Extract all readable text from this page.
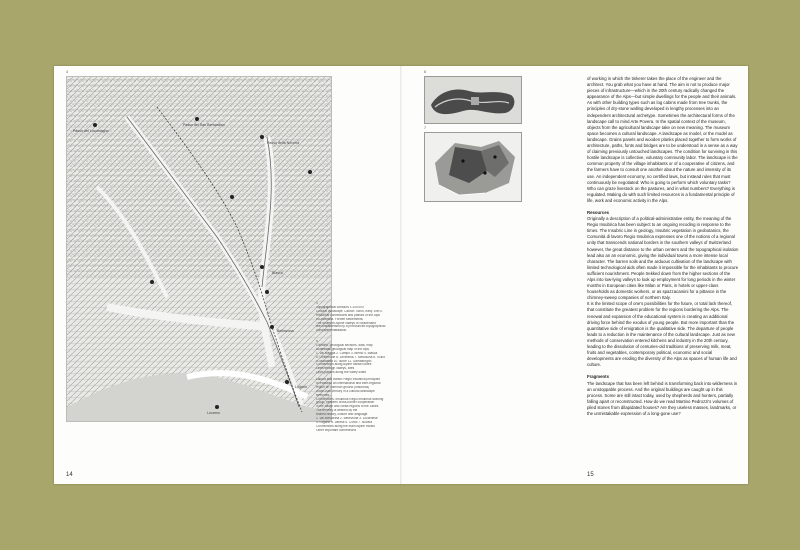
4
Passo del Lucomagno
Passo del San Bernardino
Passo della Novena
Biasca
Bellinzona
Locarno
Lugano
4
Topographical contours 1:100'000
Cultural landscape; Canton Ticino, early 19th c.
Historical connections and passes of the Alps
in Leventina. Former settlements;
The southern Alpine valleys of Switzerland
are characterised by a pronounced topographical
compartmentalisation.
5
Cantons, geological sections, data, map
Schematic geological map of the Alps
1. Val Maggia 2. Campo 3. Blenio 4. Biasca
5. Onsernone 6. Leventina 7. Mesolcina 8. Ticino
9. Morobbia 10. Isone 11. Gambarogno
Connections along Alpine transit routes
Lines through valleys, sites
Lines passes along the valley sides
Labour and transit: Regio Insubrica principles
to establish an international and inter-regional
region on common ground (Insubrica)
in the 20th century in a cultural landscape
stretched.
Connections: Insubrica Regio Insubrica working
group, between cross-border cooperation
in the Italian and Swiss regions of the Lakes.
The territory is defined by the
shared history, culture and language.
1. Val Mesolcina 2. Bellinzona 3. Locarnese
4. Lugano 5. Varese 6. Como 7. Novara
Connections along the main Alpine transit
Other important connections
14
6
7

of working in which the tinkerer takes the place of the engineer and the architect. You grab what you have at hand. The aim is not to produce major pieces of infrastructure—which in the 20th century radically changed the appearance of the Alps—but simple dwellings for the people and their animals. As with other building types such as log cabins made from tree trunks, the principles of dry-stone walling developed in lengthy processes into an independent architectural archetype. Sometimes the architectural forms of the landscape call to mind Arte Povera. In the spatial context of the museum, objects from the agricultural landscape take on new meaning. The museum space becomes a cultural landscape. A landscape as model, or the model as landscape. Grains panels and wooden planks placed together to form works of architecture, paths, fonts and bridges are to be understood in a sense as a way of claiming previously untouched landscapes. The condition for surviving in this hostile landscape is collective, voluntary community labor. The landscape is the common property of the village inhabitants or of a cooperative of citizens, and the farmers have to consult one another about the nature and intensity of its use. An independent economy, no certified laws, but instead rules that must continuously be negotiated: Who is going to perform which voluntary tasks? Who can graze livestock on the pastures, and in what numbers? Everything is regulated. Making do with such limited resources is a fundamental principle of life, work and economic activity in the Alps.

Resources

Originally a description of a political-administrative entity, the meaning of the Regio Insubrica has been subject to an ongoing recoding in response to the times. The Insubric Line in geology, Insubric vegetation in geobotanics, the Comunità di lavoro Regio Insubrica expresses one of the notions of a regional unity that transcends national borders in the southern valleys of Switzerland however, the great distance to the urban centers and the topographical isolation lead also an an economic, giving the individual towns a more intense local character. The barren soils and the arduous cultivation of the landscape with limited technological aids often made it impossible for the inhabitants to procure sufficient nourishment. People trekked down from the higher sections of the Alps into low-lying valleys to look up employment for long periods in the winter months in European cities like Milan or Paris, in hotels or upper-class households as domestic workers, or as spazzacamini for a pittance in the chimney-sweep companies of northern Italy.

It is the limited scope of one's possibilities for the future, or total lack thereof, that constitute the greatest problem for the regions bordering the Alps. The renewal and expansion of the educational system is creating an additional driving force behind the exodus of young people. But more important than the quantitative side of emigration is the qualitative side. The departure of people leads to a reduction in the maintenance of the cultural landscape. Just as new methods of conservation entered kitchens and industry in the 20th century, leading to the dissolution of centuries-old traditions of preserving milk, meat, fruits and vegetables, contemporary political, economic and social developments are eroding the diversity of the Alps as spaces of human life and culture.

Fragments

The landscape that has been left behind is transforming back into wilderness in an unstoppable process. And the original buildings are caught up in this process. Some are still intact today, used by shepherds and hunters, partially falling apart or reconstructed. How do we read Martino Pedrozzi's volumes of piled stones from dilapidated houses? Are they useless masses, landmarks, or the unmistakable expression of a long-gone use?

15
